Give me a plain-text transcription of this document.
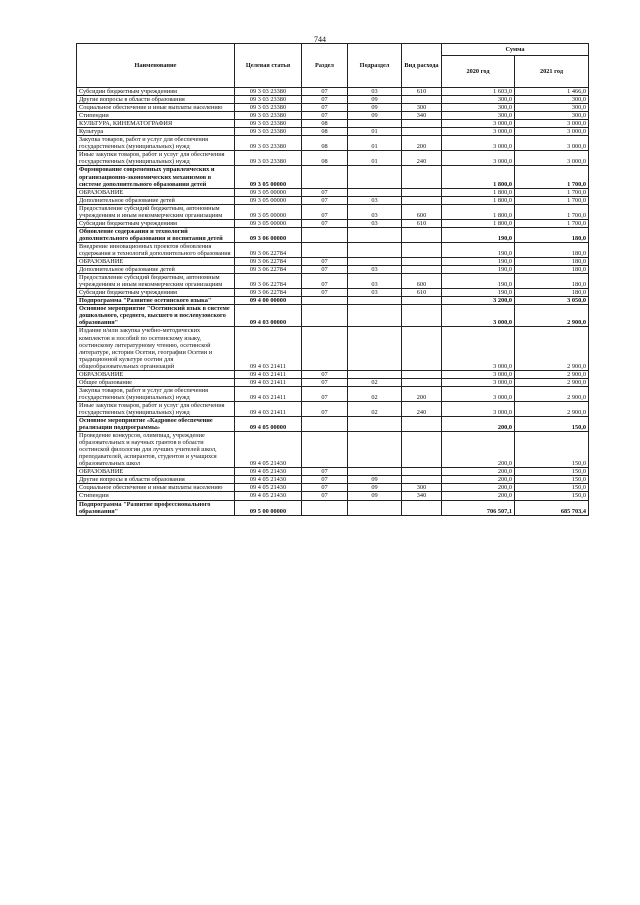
744
Наименование	Целевая статья	Раздел	Подраздел	Вид расхода	Сумма	
					2020 год	2021 год
Субсидии бюджетным учреждениям	09 3 03 23380	07	03	610	1 603,0	1 466,0
Другие вопросы в области образования	09 3 03 23380	07	09		300,0	300,0
Социальное обеспечение и иные выплаты населению	09 3 03 23380	07	09	300	300,0	300,0
Стипендии	09 3 03 23380	07	09	340	300,0	300,0
КУЛЬТУРА, КИНЕМАТОГРАФИЯ	09 3 03 23380	08			3 000,0	3 000,0
Культура	09 3 03 23380	08	01		3 000,0	3 000,0
Закупка товаров, работ и услуг для обеспечения государственных (муниципальных) нужд	09 3 03 23380	08	01	200	3 000,0	3 000,0
Иные закупки товаров, работ и услуг для обеспечения государственных (муниципальных) нужд	09 3 03 23380	08	01	240	3 000,0	3 000,0
Формирование современных управленческих и организационно-экономических механизмов в системе дополнительного образования детей	09 3 05 00000				1 800,0	1 700,0
ОБРАЗОВАНИЕ	09 3 05 00000	07			1 800,0	1 700,0
Дополнительное образование детей	09 3 05 00000	07	03		1 800,0	1 700,0
Предоставление субсидий бюджетным, автономным учреждениям и иным некоммерческим организациям	09 3 05 00000	07	03	600	1 800,0	1 700,0
Субсидии бюджетным учреждениям	09 3 05 00000	07	03	610	1 800,0	1 700,0
Обновление содержания и технологий дополнительного образования и воспитания детей	09 3 06 00000				190,0	180,0
Внедрение инновационных проектов обновления содержания и технологий дополнительного образования	09 3 06 22784				190,0	180,0
ОБРАЗОВАНИЕ	09 3 06 22784	07			190,0	180,0
Дополнительное образование детей	09 3 06 22784	07	03		190,0	180,0
Предоставление субсидий бюджетным, автономным учреждениям и иным некоммерческим организациям	09 3 06 22784	07	03	600	190,0	180,0
Субсидии бюджетным учреждениям	09 3 06 22784	07	03	610	190,0	180,0
Подпрограмма "Развитие осетинского языка"	09 4 00 00000				3 200,0	3 050,0
Основное мероприятие "Осетинский язык в системе дошкольного, среднего, высшего и послевузовского образования"	09 4 03 00000				3 000,0	2 900,0
Издание и/или закупка учебно-методических комплектов и пособий по осетинскому языку, осетинскому литературному чтению, осетинской литературе, истории Осетии, географии Осетии и традиционной культуре осетин для общеобразовательных организаций	09 4 03 21411				3 000,0	2 900,0
ОБРАЗОВАНИЕ	09 4 03 21411	07			3 000,0	2 900,0
Общее образование	09 4 03 21411	07	02		3 000,0	2 900,0
Закупка товаров, работ и услуг для обеспечения государственных (муниципальных) нужд	09 4 03 21411	07	02	200	3 000,0	2 900,0
Иные закупки товаров, работ и услуг для обеспечения государственных (муниципальных) нужд	09 4 03 21411	07	02	240	3 000,0	2 900,0
Основное мероприятие «Кадровое обеспечение реализации подпрограммы»	09 4 05 00000				200,0	150,0
Проведение конкурсов, олимпиад, учреждение образовательных и научных грантов в области осетинской филологии для лучших учителей школ, преподавателей, аспирантов, студентов и учащихся образовательных школ	09 4 05 21430				200,0	150,0
ОБРАЗОВАНИЕ	09 4 05 21430	07			200,0	150,0
Другие вопросы в области образования	09 4 05 21430	07	09		200,0	150,0
Социальное обеспечение и иные выплаты населению	09 4 05 21430	07	09	300	200,0	150,0
Стипендии	09 4 05 21430	07	09	340	200,0	150,0
Подпрограмма "Развитие профессионального образования"	09 5 00 00000				706 507,1	685 703,4
